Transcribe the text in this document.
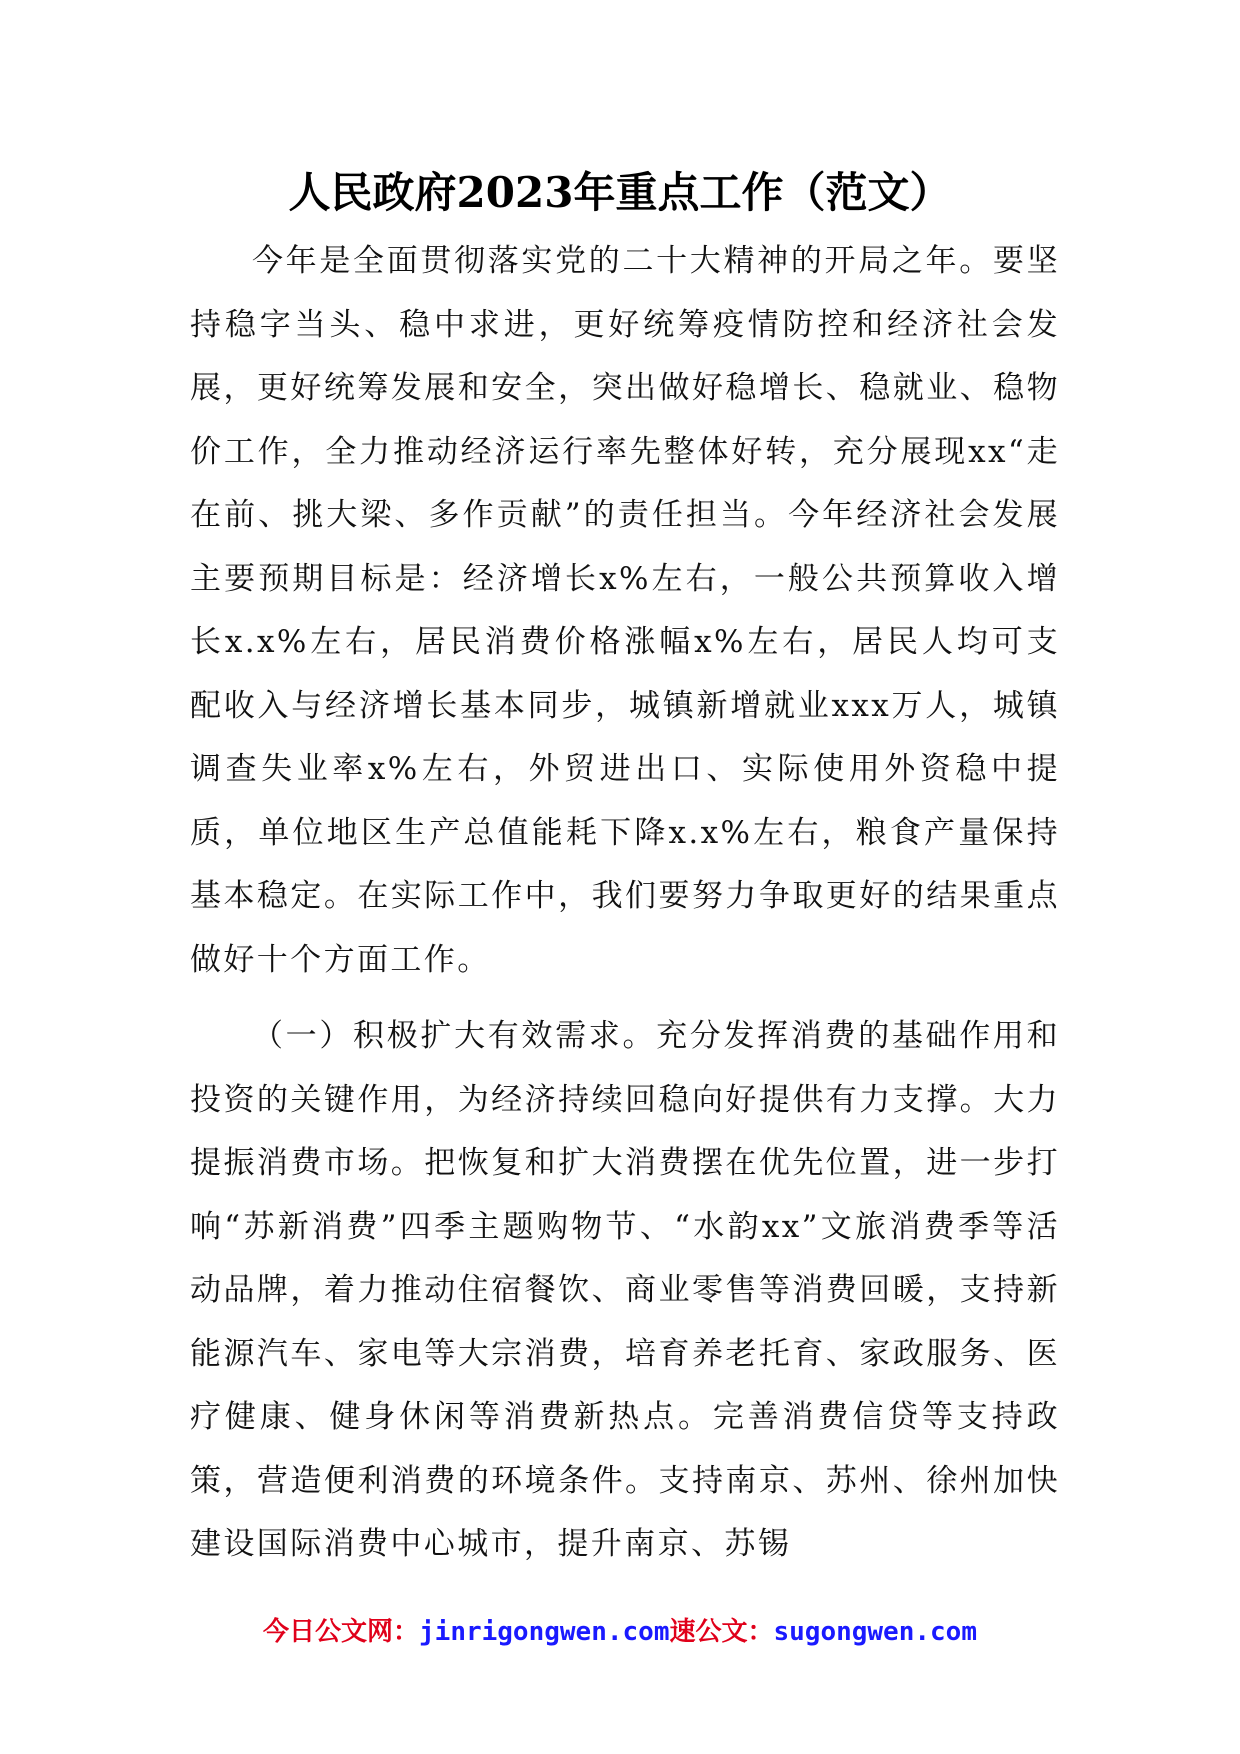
人民政府2023年重点工作（范文）

今年是全面贯彻落实党的二十大精神的开局之年。要坚持稳字当头、稳中求进，更好统筹疫情防控和经济社会发展，更好统筹发展和安全，突出做好稳增长、稳就业、稳物价工作，全力推动经济运行率先整体好转，充分展现xx“走在前、挑大梁、多作贡献”的责任担当。今年经济社会发展主要预期目标是：经济增长x%左右，一般公共预算收入增长x.x%左右，居民消费价格涨幅x%左右，居民人均可支配收入与经济增长基本同步，城镇新增就业xxx万人，城镇调查失业率x%左右，外贸进出口、实际使用外资稳中提质，单位地区生产总值能耗下降x.x%左右，粮食产量保持基本稳定。在实际工作中，我们要努力争取更好的结果重点做好十个方面工作。

（一）积极扩大有效需求。充分发挥消费的基础作用和投资的关键作用，为经济持续回稳向好提供有力支撑。大力提振消费市场。把恢复和扩大消费摆在优先位置，进一步打响“苏新消费”四季主题购物节、“水韵xx”文旅消费季等活动品牌，着力推动住宿餐饮、商业零售等消费回暖，支持新能源汽车、家电等大宗消费，培育养老托育、家政服务、医疗健康、健身休闲等消费新热点。完善消费信贷等支持政策，营造便利消费的环境条件。支持南京、苏州、徐州加快建设国际消费中心城市，提升南京、苏锡

今日公文网：jinrigongwen.com速公文：sugongwen.com
